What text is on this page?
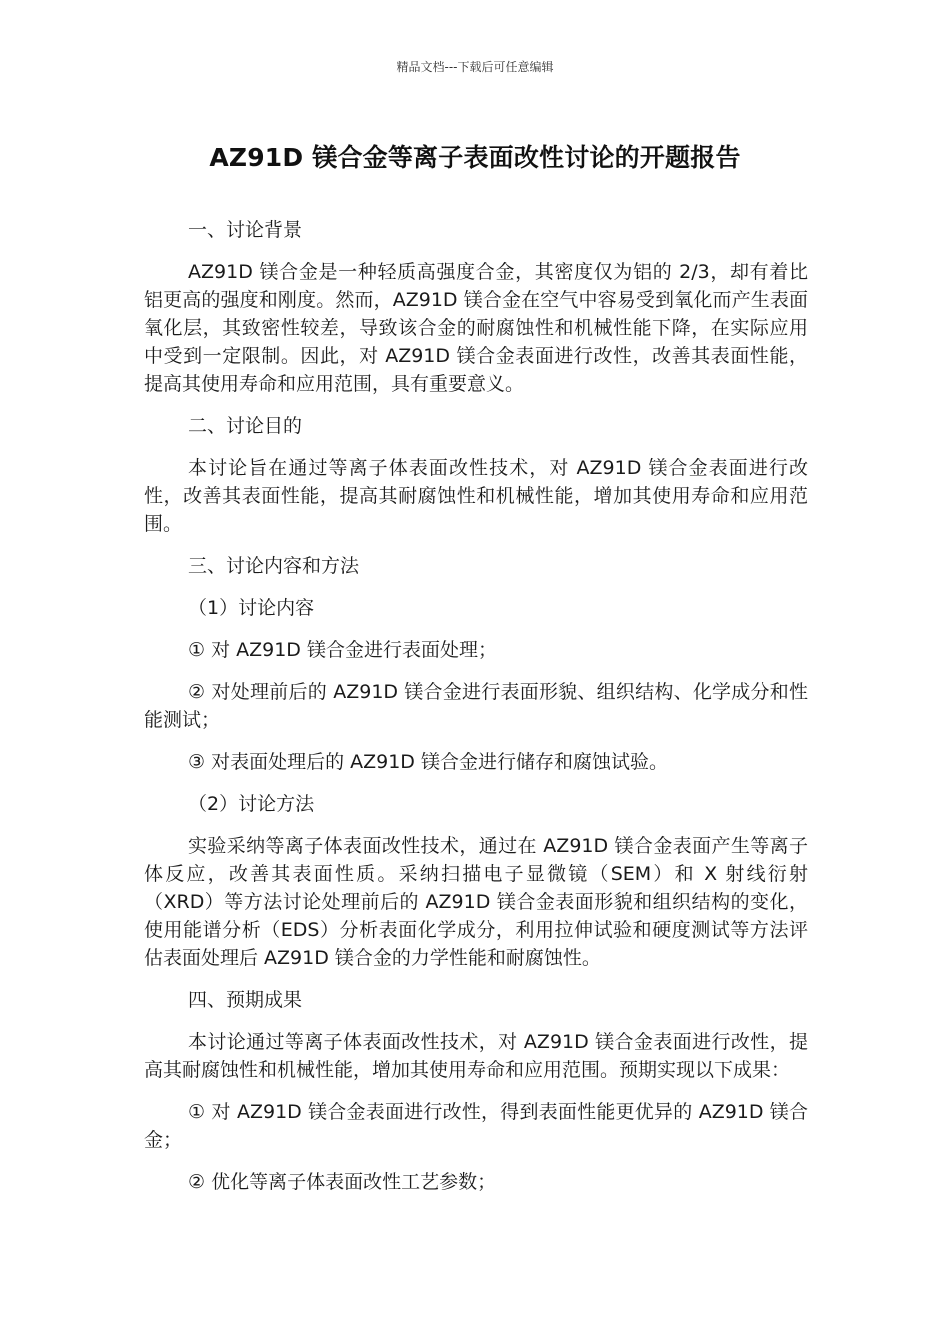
精品文档---下载后可任意编辑
AZ91D 镁合金等离子表面改性讨论的开题报告
一、讨论背景

AZ91D 镁合金是一种轻质高强度合金，其密度仅为铝的 2/3，却有着比铝更高的强度和刚度。然而，AZ91D 镁合金在空气中容易受到氧化而产生表面氧化层，其致密性较差，导致该合金的耐腐蚀性和机械性能下降，在实际应用中受到一定限制。因此，对 AZ91D 镁合金表面进行改性，改善其表面性能，提高其使用寿命和应用范围，具有重要意义。

二、讨论目的

本讨论旨在通过等离子体表面改性技术，对 AZ91D 镁合金表面进行改性，改善其表面性能，提高其耐腐蚀性和机械性能，增加其使用寿命和应用范围。

三、讨论内容和方法
（1）讨论内容

① 对 AZ91D 镁合金进行表面处理；

② 对处理前后的 AZ91D 镁合金进行表面形貌、组织结构、化学成分和性能测试；

③ 对表面处理后的 AZ91D 镁合金进行储存和腐蚀试验。

（2）讨论方法

实验采纳等离子体表面改性技术，通过在 AZ91D 镁合金表面产生等离子体反应，改善其表面性质。采纳扫描电子显微镜（SEM）和 X 射线衍射（XRD）等方法讨论处理前后的 AZ91D 镁合金表面形貌和组织结构的变化，使用能谱分析（EDS）分析表面化学成分，利用拉伸试验和硬度测试等方法评估表面处理后 AZ91D 镁合金的力学性能和耐腐蚀性。

四、预期成果

本讨论通过等离子体表面改性技术，对 AZ91D 镁合金表面进行改性，提高其耐腐蚀性和机械性能，增加其使用寿命和应用范围。预期实现以下成果：

① 对 AZ91D 镁合金表面进行改性，得到表面性能更优异的 AZ91D 镁合金；

② 优化等离子体表面改性工艺参数；
